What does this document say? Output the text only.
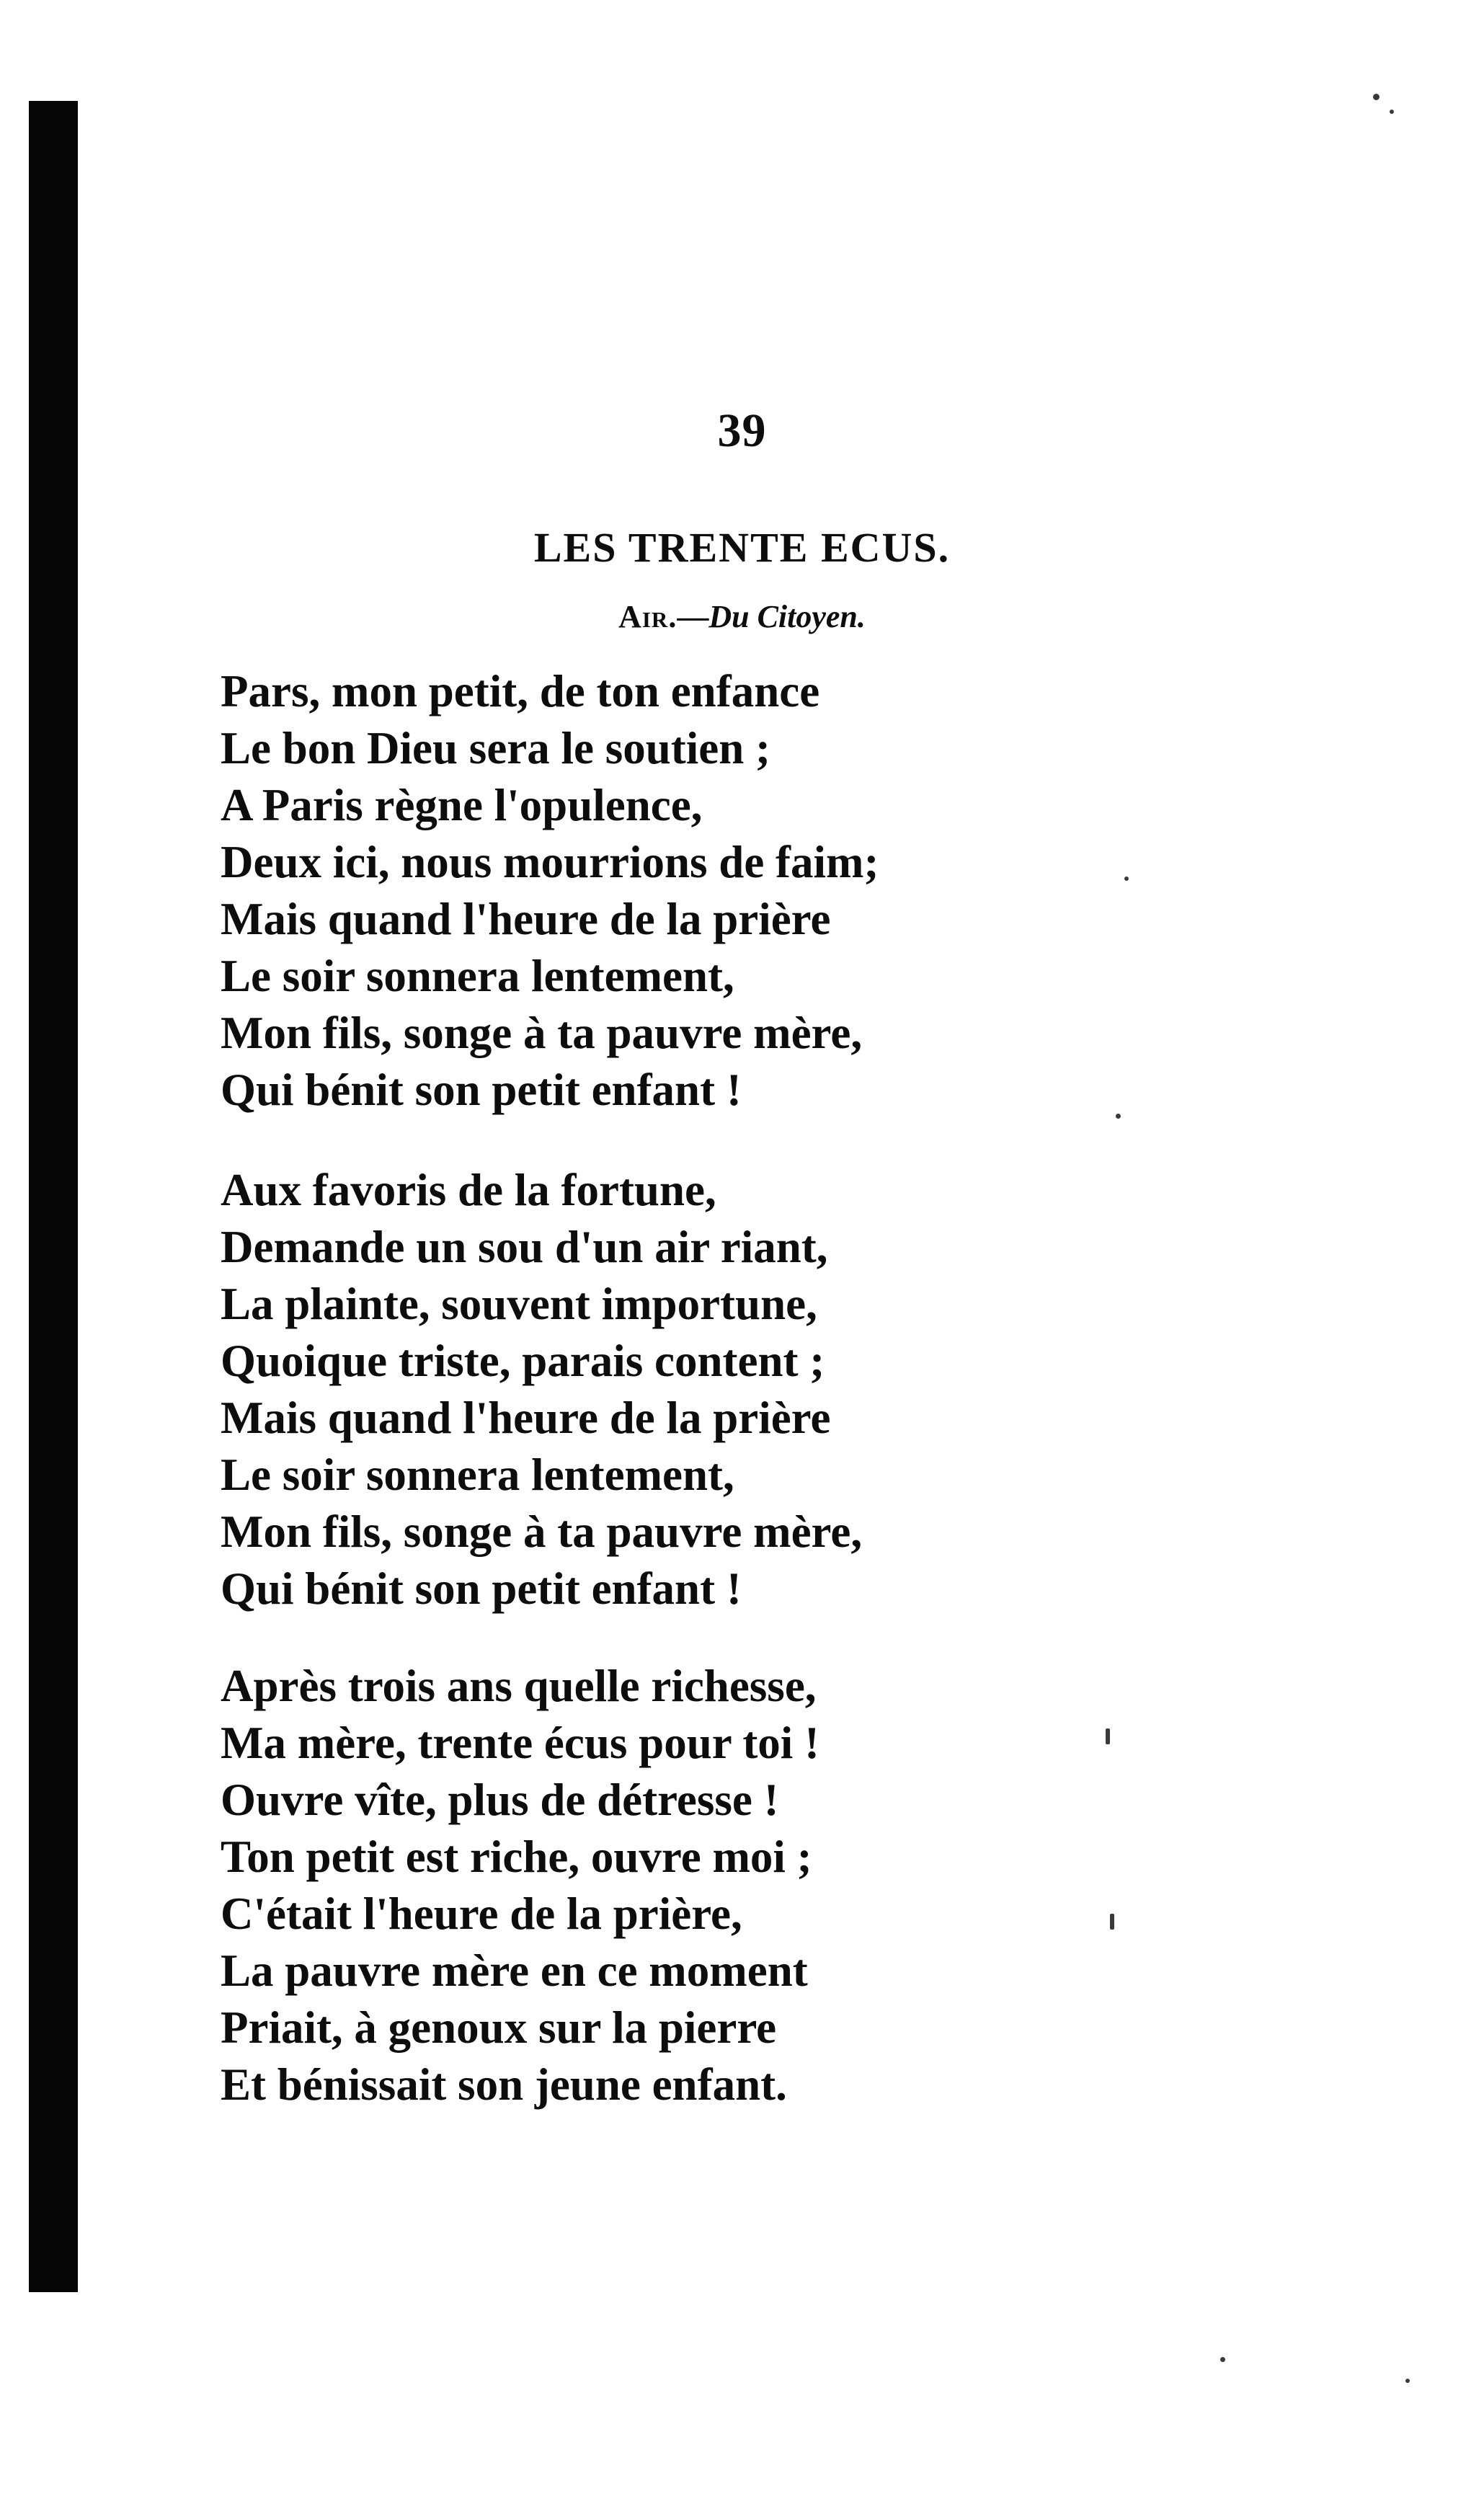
39
LES TRENTE ECUS.
Air.—Du Citoyen.
Pars, mon petit, de ton enfance
Le bon Dieu sera le soutien ;
A Paris règne l'opulence,
Deux ici, nous mourrions de faim;
Mais quand l'heure de la prière
Le soir sonnera lentement,
Mon fils, songe à ta pauvre mère,
Qui bénit son petit enfant !
Aux favoris de la fortune,
Demande un sou d'un air riant,
La plainte, souvent importune,
Quoique triste, parais content ;
Mais quand l'heure de la prière
Le soir sonnera lentement,
Mon fils, songe à ta pauvre mère,
Qui bénit son petit enfant !
Après trois ans quelle richesse,
Ma mère, trente écus pour toi !
Ouvre vîte, plus de détresse !
Ton petit est riche, ouvre moi ;
C'était l'heure de la prière,
La pauvre mère en ce moment
Priait, à genoux sur la pierre
Et bénissait son jeune enfant.
